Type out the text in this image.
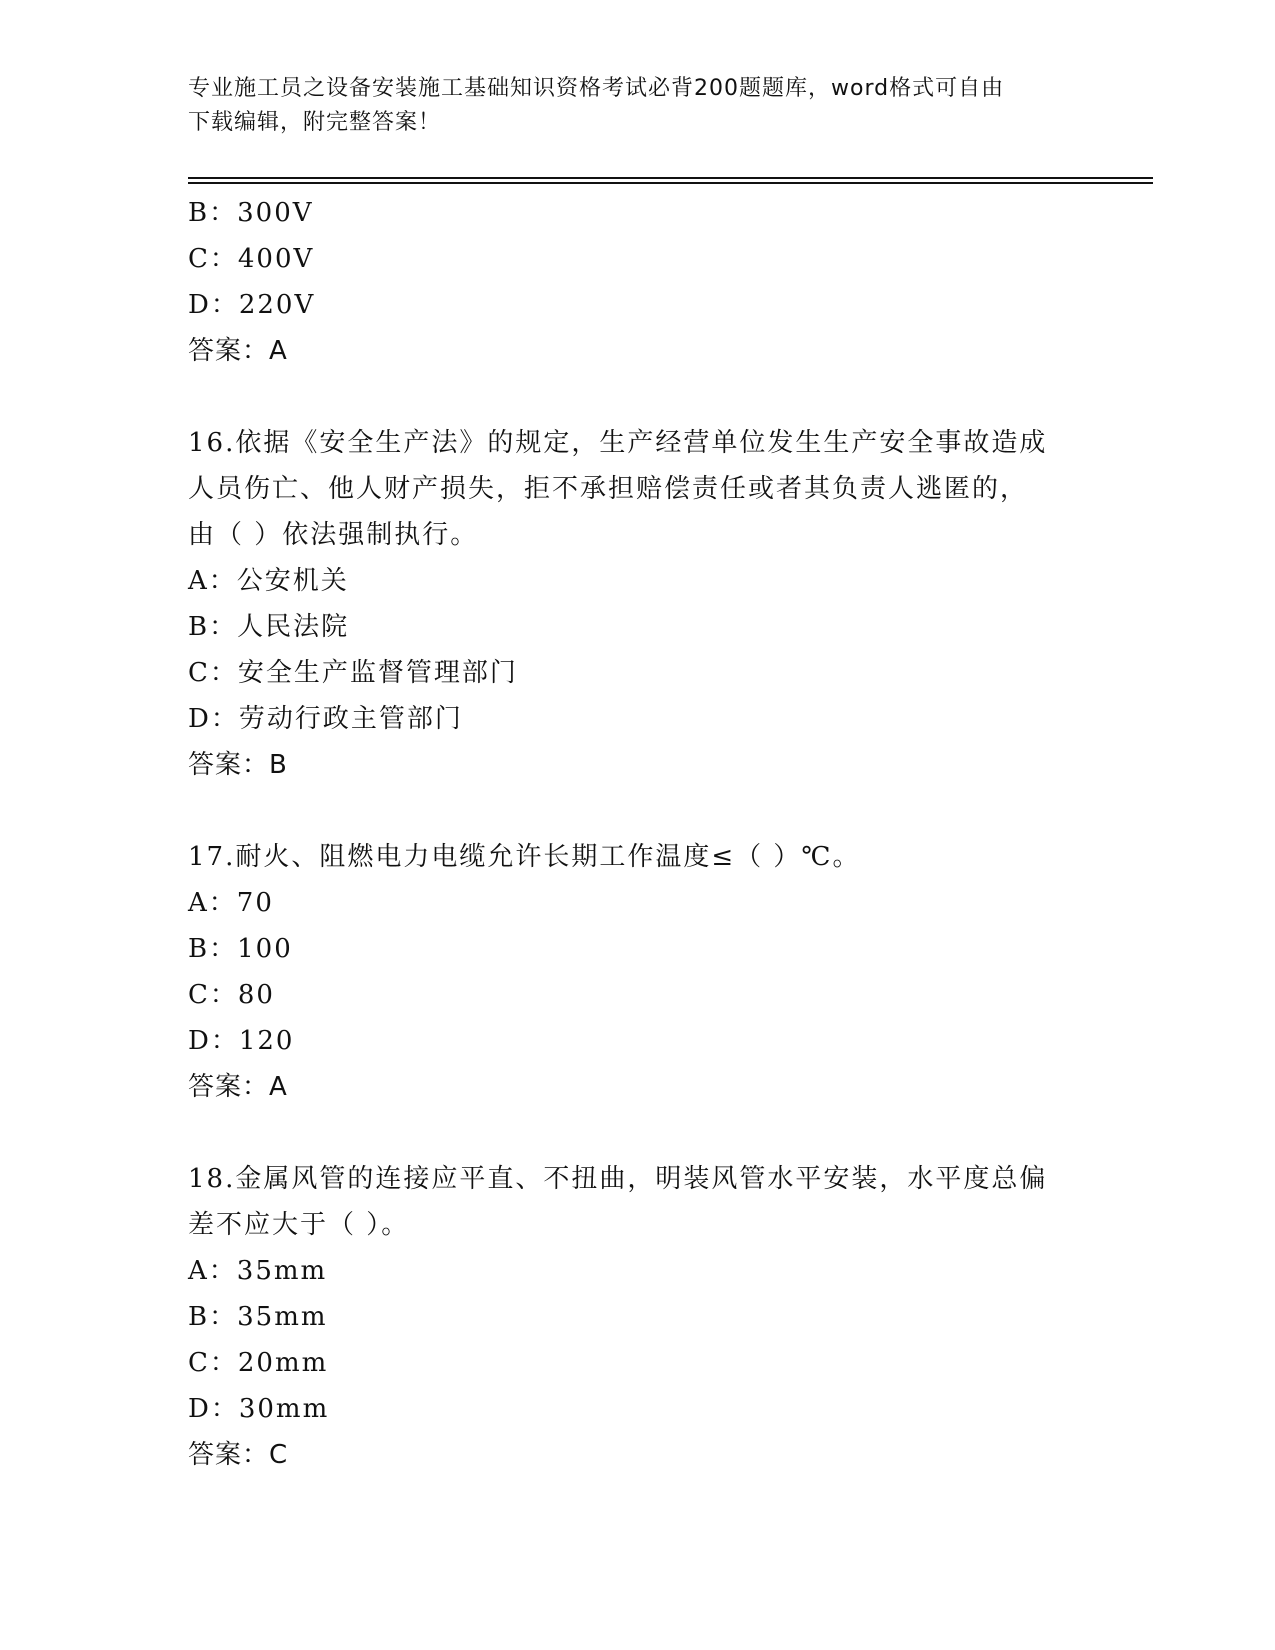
专业施工员之设备安装施工基础知识资格考试必背200题题库，word格式可自由
下载编辑，附完整答案！
B：300V
C：400V
D：220V
答案：A
16.依据《安全生产法》的规定，生产经营单位发生生产安全事故造成
人员伤亡、他人财产损失，拒不承担赔偿责任或者其负责人逃匿的，
由（ ）依法强制执行。
A：公安机关
B：人民法院
C：安全生产监督管理部门
D：劳动行政主管部门
答案：B
17.耐火、阻燃电力电缆允许长期工作温度≤（ ）℃。
A：70
B：100
C：80
D：120
答案：A
18.金属风管的连接应平直、不扭曲，明装风管水平安装，水平度总偏
差不应大于（ ）。
A：35mm
B：35mm
C：20mm
D：30mm
答案：C
